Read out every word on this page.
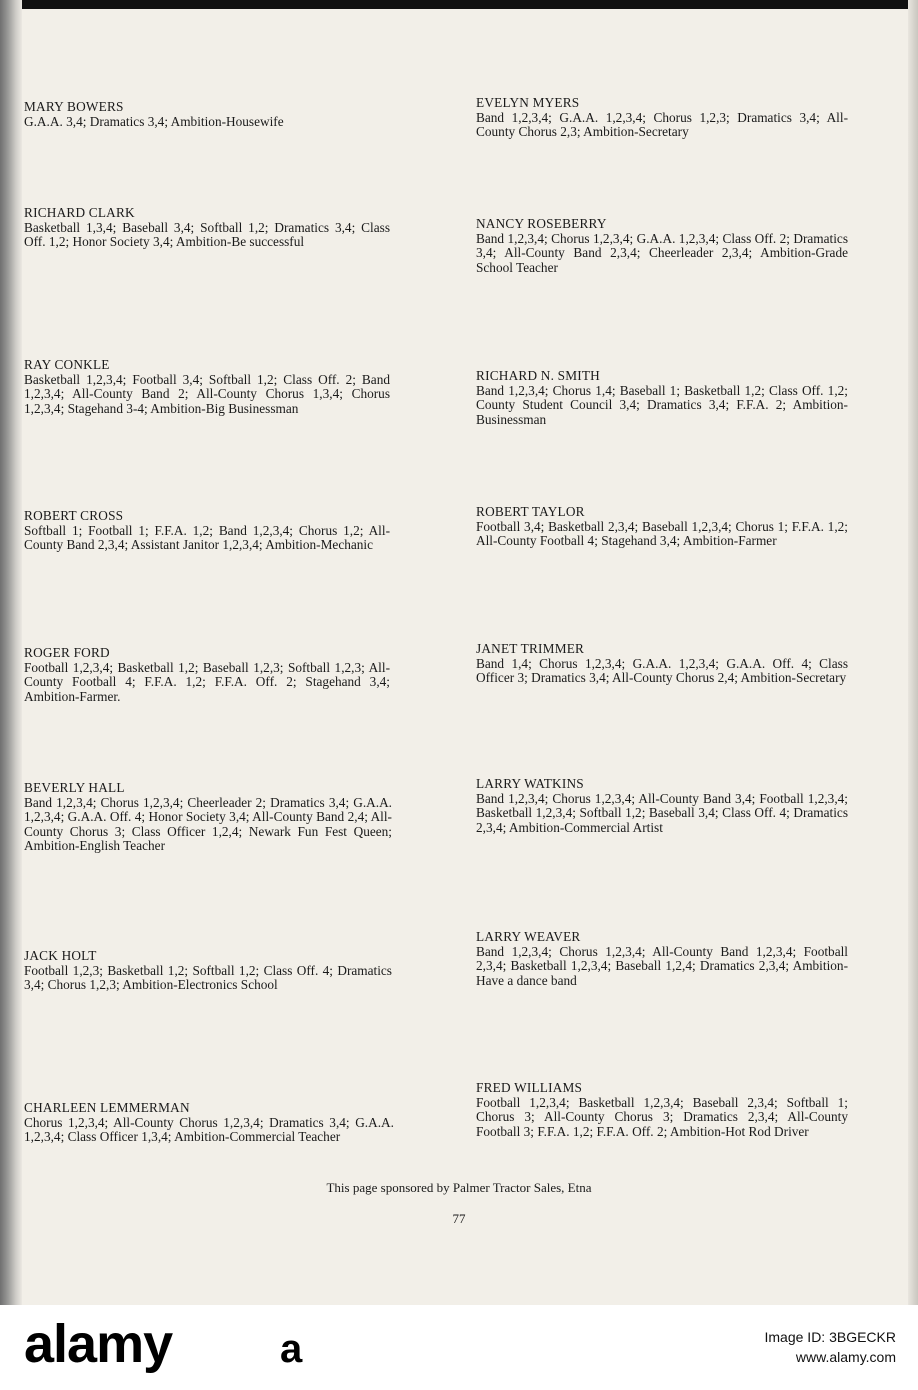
MARY BOWERS
G.A.A. 3,4; Dramatics 3,4; Ambition-Housewife
RICHARD CLARK
Basketball 1,3,4; Baseball 3,4; Softball 1,2; Dramatics 3,4; Class Off. 1,2; Honor Society 3,4; Ambition-Be successful
RAY CONKLE
Basketball 1,2,3,4; Football 3,4; Softball 1,2; Class Off. 2; Band 1,2,3,4; All-County Band 2; All-County Chorus 1,3,4; Chorus 1,2,3,4; Stagehand 3-4; Ambition-Big Businessman
ROBERT CROSS
Softball 1; Football 1; F.F.A. 1,2; Band 1,2,3,4; Chorus 1,2; All-County Band 2,3,4; Assistant Janitor 1,2,3,4; Ambition-Mechanic
ROGER FORD
Football 1,2,3,4; Basketball 1,2; Baseball 1,2,3; Softball 1,2,3; All-County Football 4; F.F.A. 1,2; F.F.A. Off. 2; Stagehand 3,4; Ambition-Farmer.
BEVERLY HALL
Band 1,2,3,4; Chorus 1,2,3,4; Cheerleader 2; Dramatics 3,4; G.A.A. 1,2,3,4; G.A.A. Off. 4; Honor Society 3,4; All-County Band 2,4; All-County Chorus 3; Class Officer 1,2,4; Newark Fun Fest Queen; Ambition-English Teacher
JACK HOLT
Football 1,2,3; Basketball 1,2; Softball 1,2; Class Off. 4; Dramatics 3,4; Chorus 1,2,3; Ambition-Electronics School
CHARLEEN LEMMERMAN
Chorus 1,2,3,4; All-County Chorus 1,2,3,4; Dramatics 3,4; G.A.A. 1,2,3,4; Class Officer 1,3,4; Ambition-Commercial Teacher
EVELYN MYERS
Band 1,2,3,4; G.A.A. 1,2,3,4; Chorus 1,2,3; Dramatics 3,4; All-County Chorus 2,3; Ambition-Secretary
NANCY ROSEBERRY
Band 1,2,3,4; Chorus 1,2,3,4; G.A.A. 1,2,3,4; Class Off. 2; Dramatics 3,4; All-County Band 2,3,4; Cheerleader 2,3,4; Ambition-Grade School Teacher
RICHARD N. SMITH
Band 1,2,3,4; Chorus 1,4; Baseball 1; Basketball 1,2; Class Off. 1,2; County Student Council 3,4; Dramatics 3,4; F.F.A. 2; Ambition-Businessman
ROBERT TAYLOR
Football 3,4; Basketball 2,3,4; Baseball 1,2,3,4; Chorus 1; F.F.A. 1,2; All-County Football 4; Stagehand 3,4; Ambition-Farmer
JANET TRIMMER
Band 1,4; Chorus 1,2,3,4; G.A.A. 1,2,3,4; G.A.A. Off. 4; Class Officer 3; Dramatics 3,4; All-County Chorus 2,4; Ambition-Secretary
LARRY WATKINS
Band 1,2,3,4; Chorus 1,2,3,4; All-County Band 3,4; Football 1,2,3,4; Basketball 1,2,3,4; Softball 1,2; Baseball 3,4; Class Off. 4; Dramatics 2,3,4; Ambition-Commercial Artist
LARRY WEAVER
Band 1,2,3,4; Chorus 1,2,3,4; All-County Band 1,2,3,4; Football 2,3,4; Basketball 1,2,3,4; Baseball 1,2,4; Dramatics 2,3,4; Ambition-Have a dance band
FRED WILLIAMS
Football 1,2,3,4; Basketball 1,2,3,4; Baseball 2,3,4; Softball 1; Chorus 3; All-County Chorus 3; Dramatics 2,3,4; All-County Football 3; F.F.A. 1,2; F.F.A. Off. 2; Ambition-Hot Rod Driver
This page sponsored by Palmer Tractor Sales, Etna
77
alamy	a	Image ID: 3BGECKR
www.alamy.com
